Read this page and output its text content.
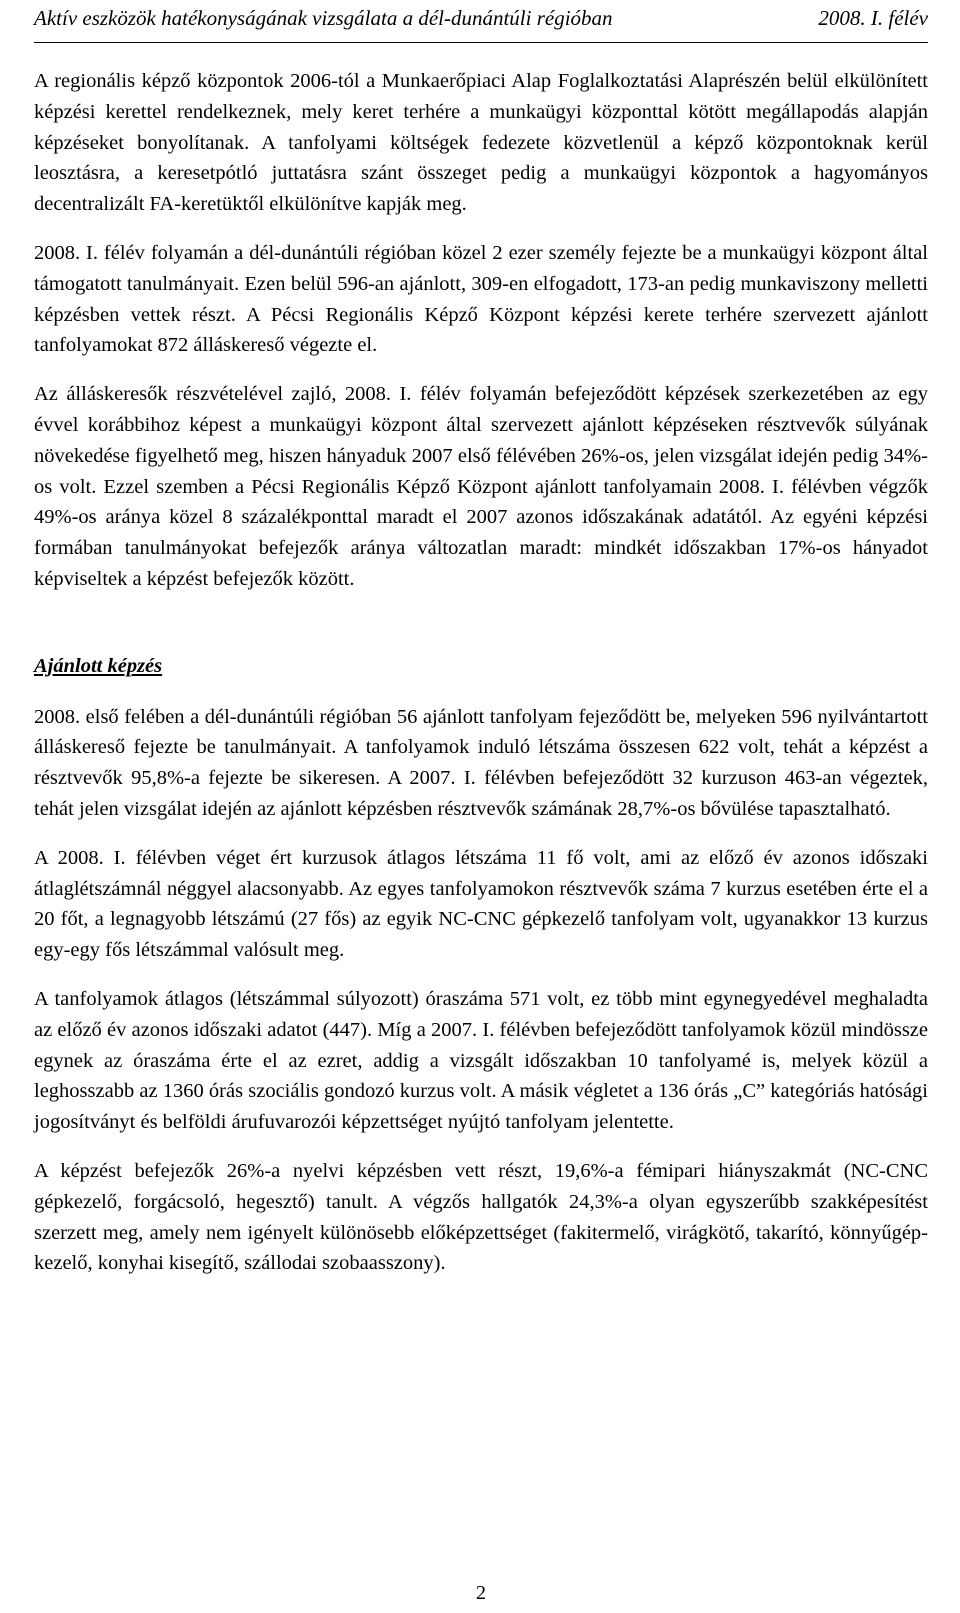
Aktív eszközök hatékonyságának vizsgálata a dél-dunántúli régióban	2008. I. félév

A regionális képző központok 2006-tól a Munkaerőpiaci Alap Foglalkoztatási Alaprészén belül elkülönített képzési kerettel rendelkeznek, mely keret terhére a munkaügyi központtal kötött megállapodás alapján képzéseket bonyolítanak. A tanfolyami költségek fedezete közvetlenül a képző központoknak kerül leosztásra, a keresetpótló juttatásra szánt összeget pedig a munkaügyi központok a hagyományos decentralizált FA-keretüktől elkülönítve kapják meg.

2008. I. félév folyamán a dél-dunántúli régióban közel 2 ezer személy fejezte be a munkaügyi központ által támogatott tanulmányait. Ezen belül 596-an ajánlott, 309-en elfogadott, 173-an pedig munkaviszony melletti képzésben vettek részt. A Pécsi Regionális Képző Központ képzési kerete terhére szervezett ajánlott tanfolyamokat 872 álláskereső végezte el.

Az álláskeresők részvételével zajló, 2008. I. félév folyamán befejeződött képzések szerkezetében az egy évvel korábbihoz képest a munkaügyi központ által szervezett ajánlott képzéseken résztvevők súlyának növekedése figyelhető meg, hiszen hányaduk 2007 első félévében 26%-os, jelen vizsgálat idején pedig 34%-os volt. Ezzel szemben a Pécsi Regionális Képző Központ ajánlott tanfolyamain 2008. I. félévben végzők 49%-os aránya közel 8 százalékponttal maradt el 2007 azonos időszakának adatától. Az egyéni képzési formában tanulmányokat befejezők aránya változatlan maradt: mindkét időszakban 17%-os hányadot képviseltek a képzést befejezők között.

Ajánlott képzés

2008. első felében a dél-dunántúli régióban 56 ajánlott tanfolyam fejeződött be, melyeken 596 nyilvántartott álláskereső fejezte be tanulmányait. A tanfolyamok induló létszáma összesen 622 volt, tehát a képzést a résztvevők 95,8%-a fejezte be sikeresen. A 2007. I. félévben befejeződött 32 kurzuson 463-an végeztek, tehát jelen vizsgálat idején az ajánlott képzésben résztvevők számának 28,7%-os bővülése tapasztalható.

A 2008. I. félévben véget ért kurzusok átlagos létszáma 11 fő volt, ami az előző év azonos időszaki átlaglétszámnál néggyel alacsonyabb. Az egyes tanfolyamokon résztvevők száma 7 kurzus esetében érte el a 20 főt, a legnagyobb létszámú (27 fős) az egyik NC-CNC gépkezelő tanfolyam volt, ugyanakkor 13 kurzus egy-egy fős létszámmal valósult meg.

A tanfolyamok átlagos (létszámmal súlyozott) óraszáma 571 volt, ez több mint egynegyedével meghaladta az előző év azonos időszaki adatot (447). Míg a 2007. I. félévben befejeződött tanfolyamok közül mindössze egynek az óraszáma érte el az ezret, addig a vizsgált időszakban 10 tanfolyamé is, melyek közül a leghosszabb az 1360 órás szociális gondozó kurzus volt. A másik végletet a 136 órás „C” kategóriás hatósági jogosítványt és belföldi árufuvarozói képzettséget nyújtó tanfolyam jelentette.

A képzést befejezők 26%-a nyelvi képzésben vett részt, 19,6%-a fémipari hiányszakmát (NC-CNC gépkezelő, forgácsoló, hegesztő) tanult. A végzős hallgatók 24,3%-a olyan egyszerűbb szakképesítést szerzett meg, amely nem igényelt különösebb előképzettséget (fakitermelő, virágkötő, takarító, könnyűgép-kezelő, konyhai kisegítő, szállodai szobaasszony).

2
